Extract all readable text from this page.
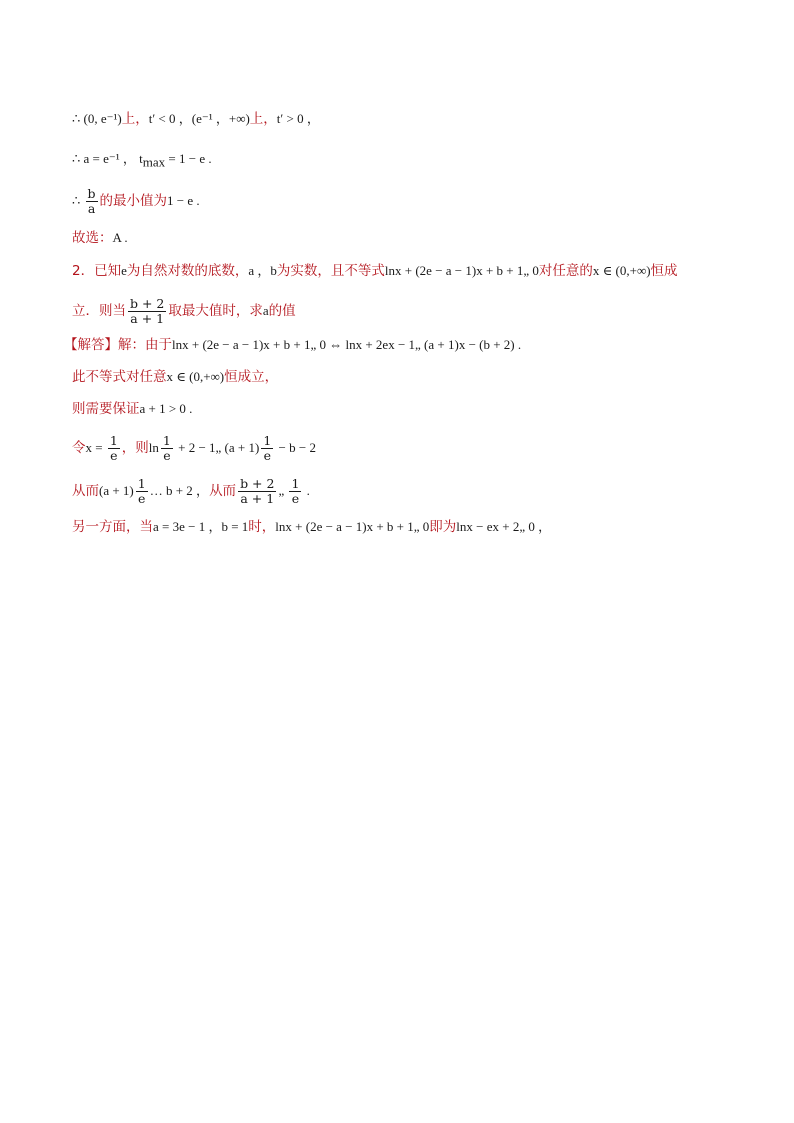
∴ (0, e⁻¹)上，t′ < 0 ，(e⁻¹ ，+∞)上，t′ > 0 ，
∴ a = e⁻¹ ， $t_{max} = 1 - e$ .
∴ $\frac{b}{a}$ 的最小值为1 − e .
故选：A .
2．已知e为自然对数的底数，a ，b为实数，且不等式lnx + (2e − a − 1)x + b + 1„ 0对任意的x ∈ (0,+∞)恒成
立．则当 $\frac{b + 2}{a + 1}$ 取最大值时，求a的值
【解答】解：由于lnx + (2e − a − 1)x + b + 1„ 0 ⇔ lnx + 2ex − 1„ (a + 1)x − (b + 2) .
此不等式对任意x ∈ (0,+∞)恒成立，
则需要保证a + 1 > 0 .
令$x = \frac{1}{e}$ ，则$\ln \frac{1}{e} + 2$ − 1„ $(a + 1) \frac{1}{e} - b - 2$
从而$(a + 1) \frac{1}{e}$ … b + 2 ，从而 $\frac{b + 2}{a + 1}$ „ $\frac{1}{e}$ .
另一方面，当a = 3e − 1 ，b = 1时，lnx + (2e − a − 1)x + b + 1„ 0即为lnx − ex + 2„ 0 ，
